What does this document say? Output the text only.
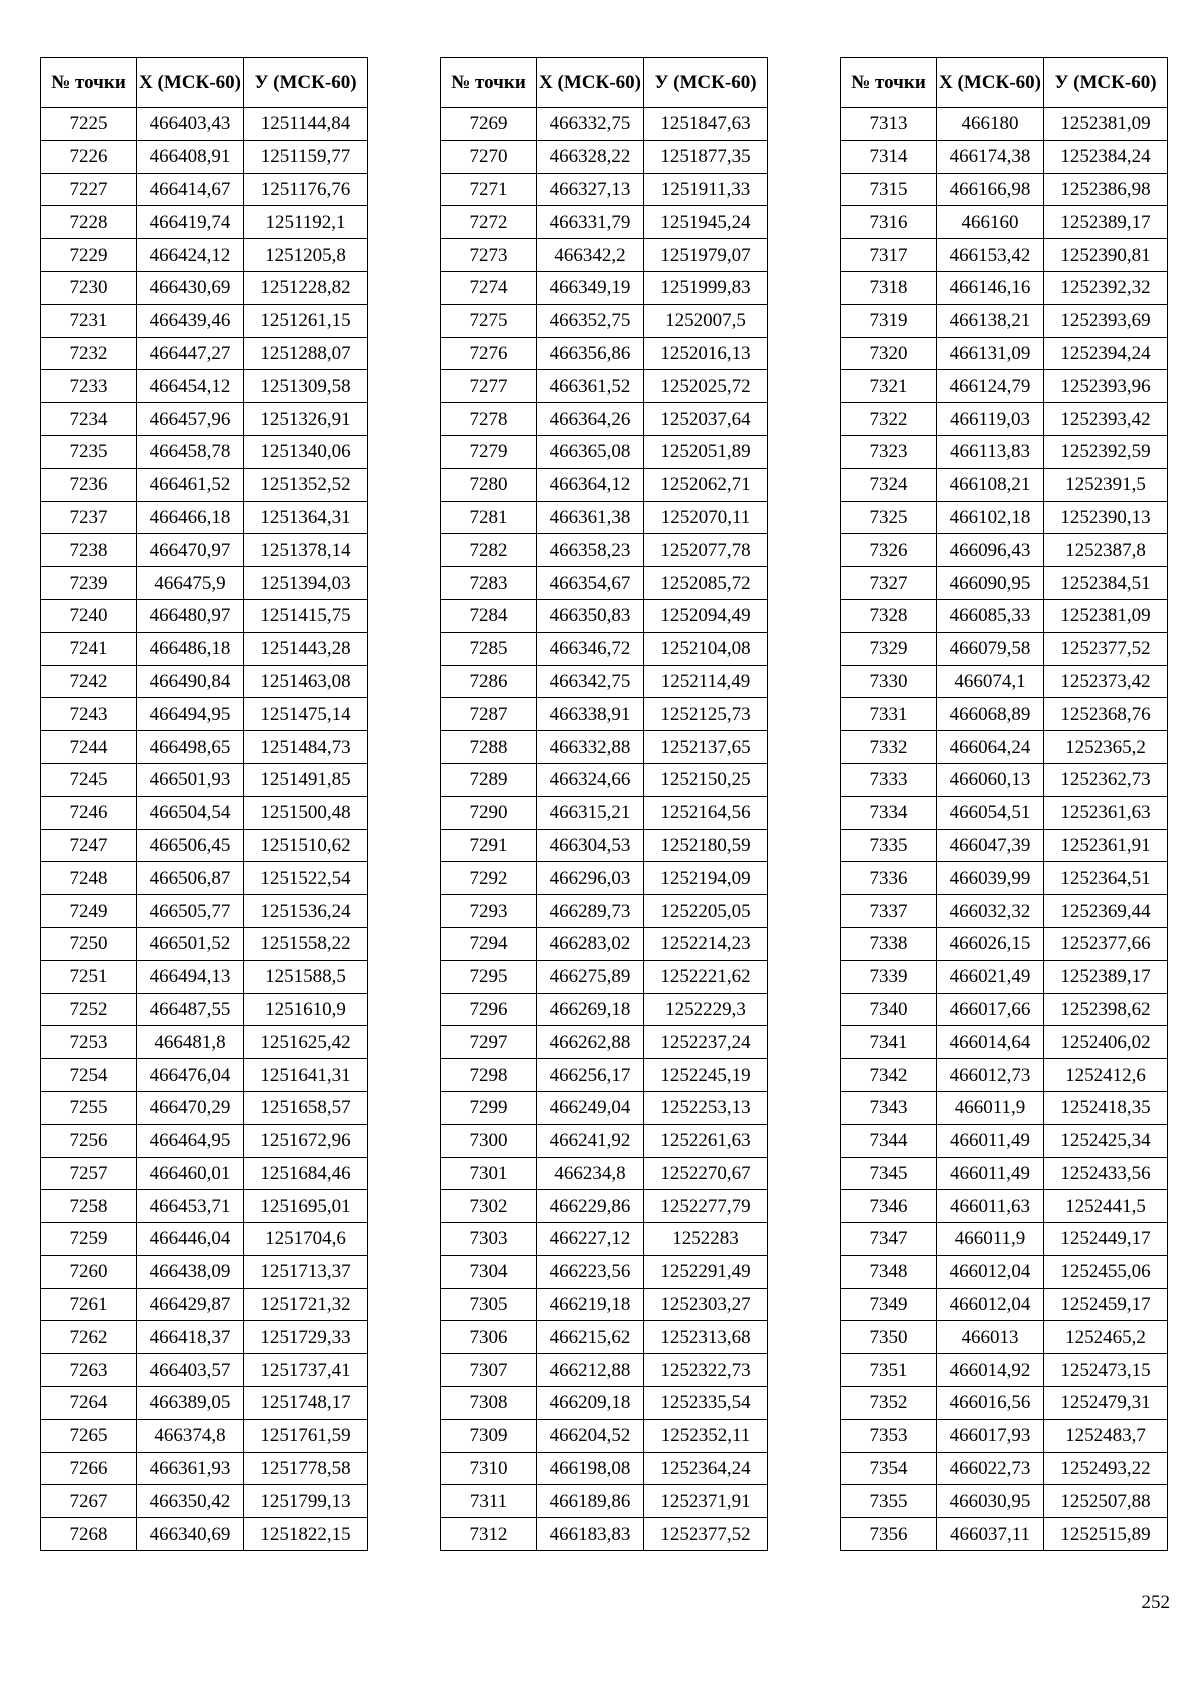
№ точки	Х (МСК-60)	У (МСК-60)
7225	466403,43	1251144,84
7226	466408,91	1251159,77
7227	466414,67	1251176,76
7228	466419,74	1251192,1
7229	466424,12	1251205,8
7230	466430,69	1251228,82
7231	466439,46	1251261,15
7232	466447,27	1251288,07
7233	466454,12	1251309,58
7234	466457,96	1251326,91
7235	466458,78	1251340,06
7236	466461,52	1251352,52
7237	466466,18	1251364,31
7238	466470,97	1251378,14
7239	466475,9	1251394,03
7240	466480,97	1251415,75
7241	466486,18	1251443,28
7242	466490,84	1251463,08
7243	466494,95	1251475,14
7244	466498,65	1251484,73
7245	466501,93	1251491,85
7246	466504,54	1251500,48
7247	466506,45	1251510,62
7248	466506,87	1251522,54
7249	466505,77	1251536,24
7250	466501,52	1251558,22
7251	466494,13	1251588,5
7252	466487,55	1251610,9
7253	466481,8	1251625,42
7254	466476,04	1251641,31
7255	466470,29	1251658,57
7256	466464,95	1251672,96
7257	466460,01	1251684,46
7258	466453,71	1251695,01
7259	466446,04	1251704,6
7260	466438,09	1251713,37
7261	466429,87	1251721,32
7262	466418,37	1251729,33
7263	466403,57	1251737,41
7264	466389,05	1251748,17
7265	466374,8	1251761,59
7266	466361,93	1251778,58
7267	466350,42	1251799,13
7268	466340,69	1251822,15
№ точки	Х (МСК-60)	У (МСК-60)
7269	466332,75	1251847,63
7270	466328,22	1251877,35
7271	466327,13	1251911,33
7272	466331,79	1251945,24
7273	466342,2	1251979,07
7274	466349,19	1251999,83
7275	466352,75	1252007,5
7276	466356,86	1252016,13
7277	466361,52	1252025,72
7278	466364,26	1252037,64
7279	466365,08	1252051,89
7280	466364,12	1252062,71
7281	466361,38	1252070,11
7282	466358,23	1252077,78
7283	466354,67	1252085,72
7284	466350,83	1252094,49
7285	466346,72	1252104,08
7286	466342,75	1252114,49
7287	466338,91	1252125,73
7288	466332,88	1252137,65
7289	466324,66	1252150,25
7290	466315,21	1252164,56
7291	466304,53	1252180,59
7292	466296,03	1252194,09
7293	466289,73	1252205,05
7294	466283,02	1252214,23
7295	466275,89	1252221,62
7296	466269,18	1252229,3
7297	466262,88	1252237,24
7298	466256,17	1252245,19
7299	466249,04	1252253,13
7300	466241,92	1252261,63
7301	466234,8	1252270,67
7302	466229,86	1252277,79
7303	466227,12	1252283
7304	466223,56	1252291,49
7305	466219,18	1252303,27
7306	466215,62	1252313,68
7307	466212,88	1252322,73
7308	466209,18	1252335,54
7309	466204,52	1252352,11
7310	466198,08	1252364,24
7311	466189,86	1252371,91
7312	466183,83	1252377,52
№ точки	Х (МСК-60)	У (МСК-60)
7313	466180	1252381,09
7314	466174,38	1252384,24
7315	466166,98	1252386,98
7316	466160	1252389,17
7317	466153,42	1252390,81
7318	466146,16	1252392,32
7319	466138,21	1252393,69
7320	466131,09	1252394,24
7321	466124,79	1252393,96
7322	466119,03	1252393,42
7323	466113,83	1252392,59
7324	466108,21	1252391,5
7325	466102,18	1252390,13
7326	466096,43	1252387,8
7327	466090,95	1252384,51
7328	466085,33	1252381,09
7329	466079,58	1252377,52
7330	466074,1	1252373,42
7331	466068,89	1252368,76
7332	466064,24	1252365,2
7333	466060,13	1252362,73
7334	466054,51	1252361,63
7335	466047,39	1252361,91
7336	466039,99	1252364,51
7337	466032,32	1252369,44
7338	466026,15	1252377,66
7339	466021,49	1252389,17
7340	466017,66	1252398,62
7341	466014,64	1252406,02
7342	466012,73	1252412,6
7343	466011,9	1252418,35
7344	466011,49	1252425,34
7345	466011,49	1252433,56
7346	466011,63	1252441,5
7347	466011,9	1252449,17
7348	466012,04	1252455,06
7349	466012,04	1252459,17
7350	466013	1252465,2
7351	466014,92	1252473,15
7352	466016,56	1252479,31
7353	466017,93	1252483,7
7354	466022,73	1252493,22
7355	466030,95	1252507,88
7356	466037,11	1252515,89
252
